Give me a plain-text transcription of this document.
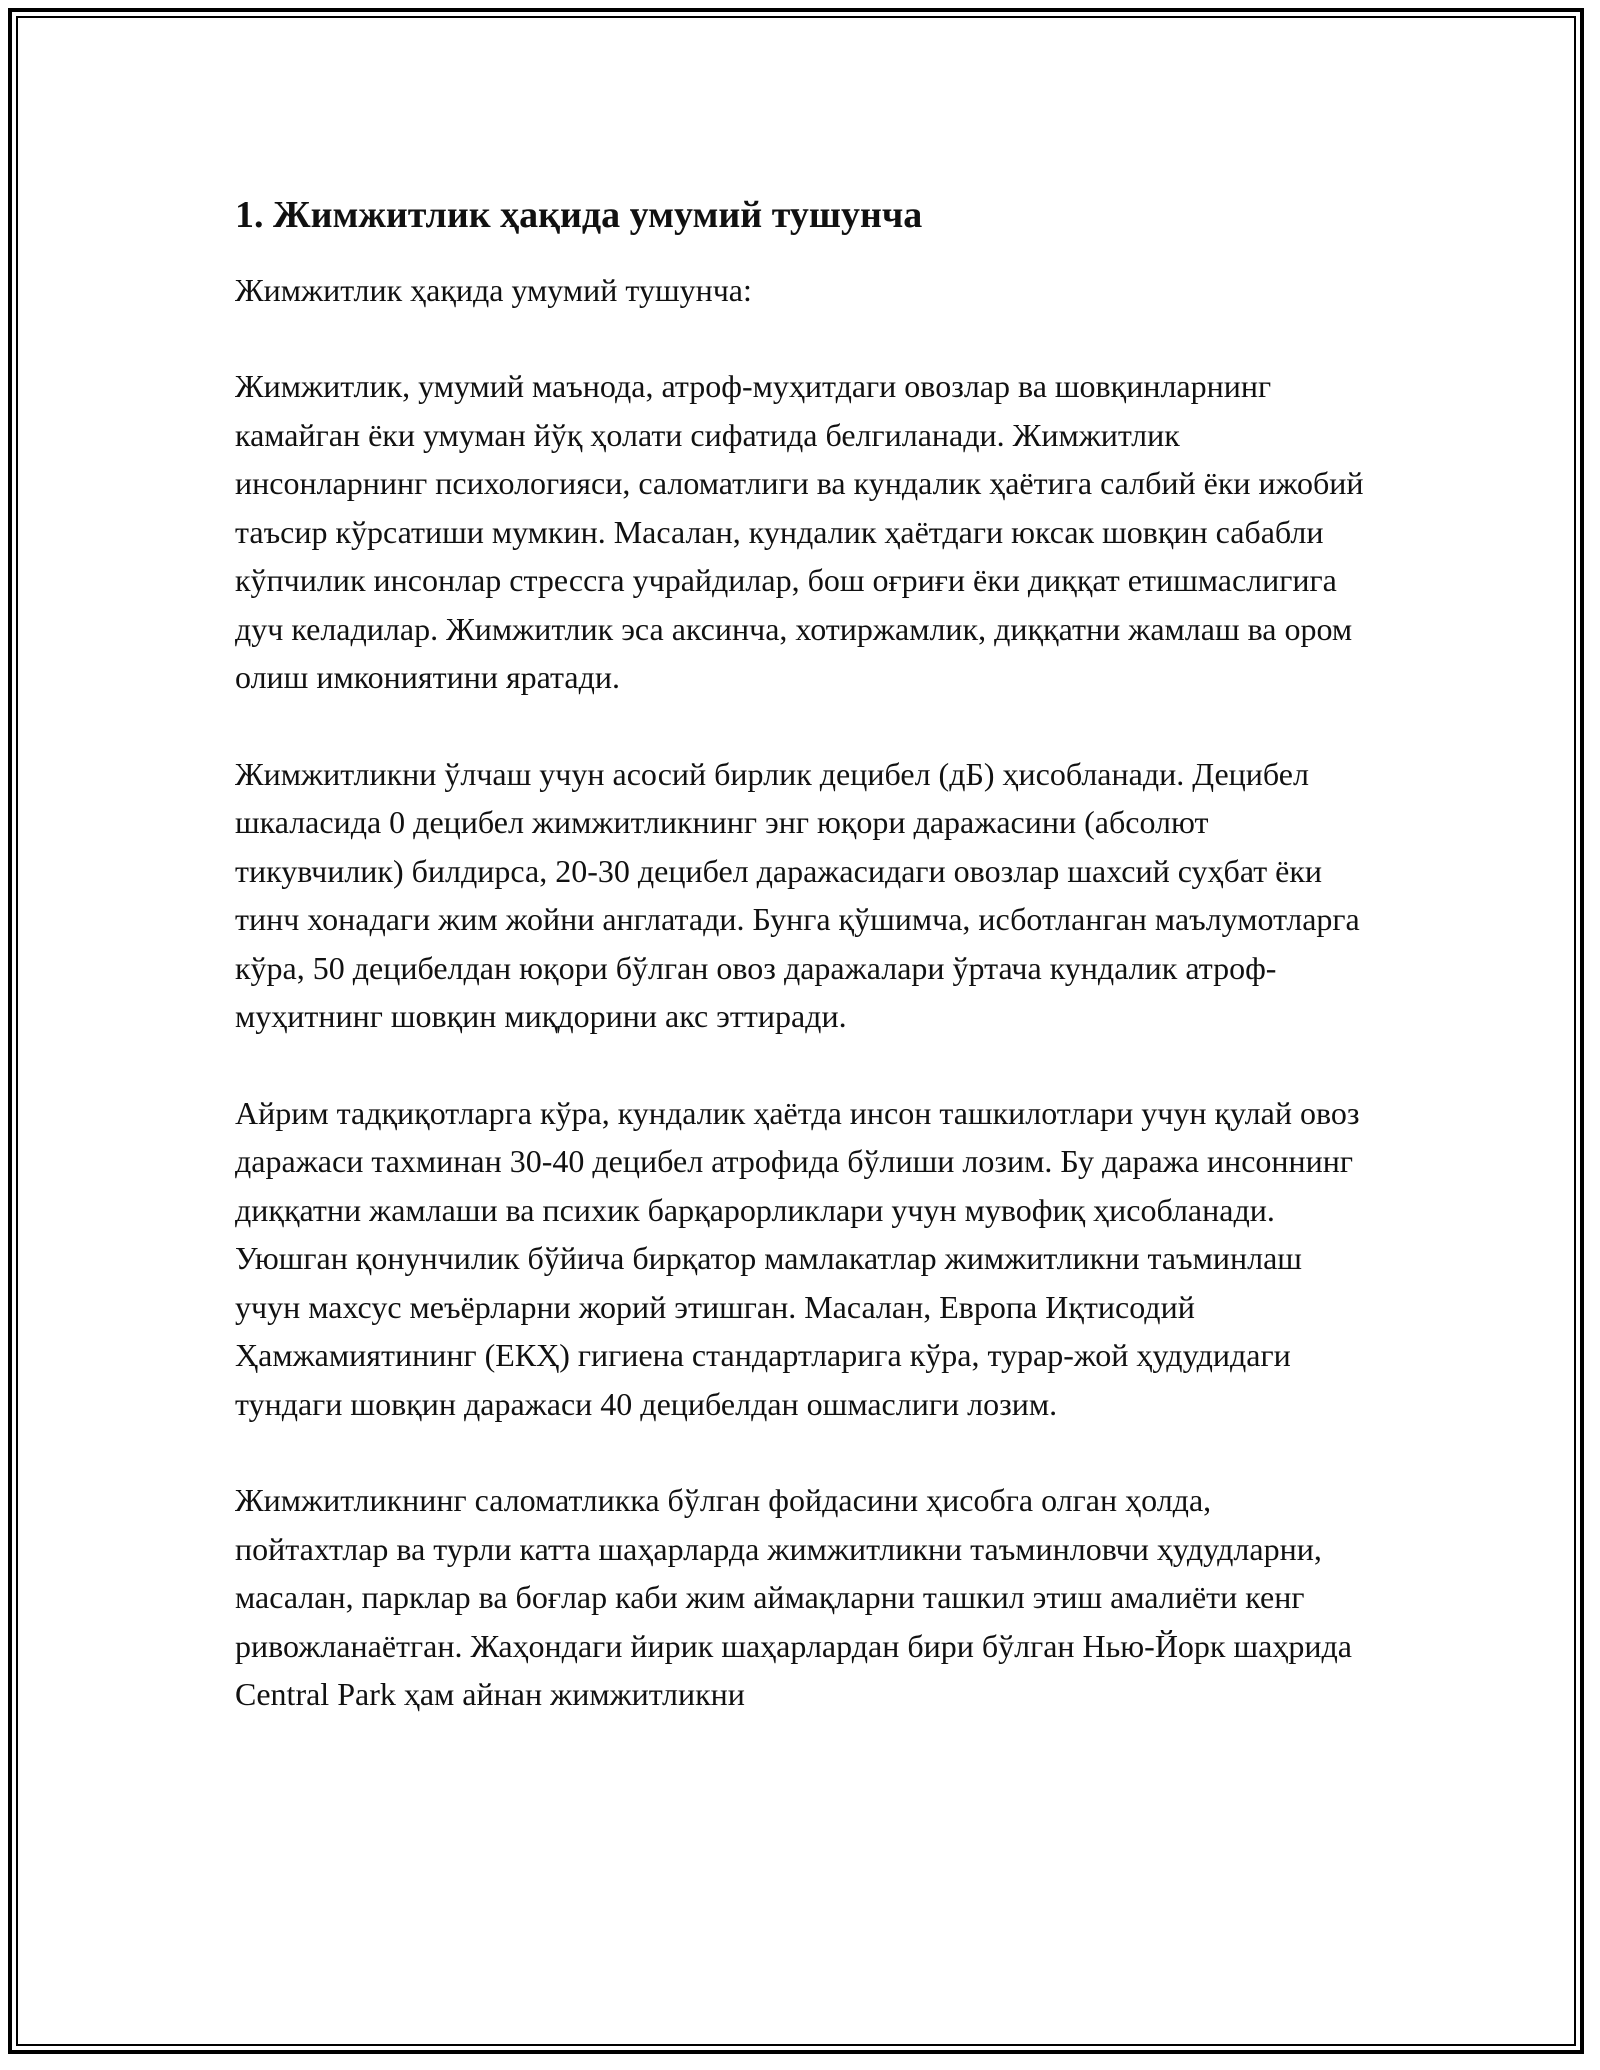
1. Жимжитлик ҳақида умумий тушунча

Жимжитлик ҳақида умумий тушунча:

Жимжитлик, умумий маънода, атроф-муҳитдаги овозлар ва шовқинларнинг камайган ёки умуман йўқ ҳолати сифатида белгиланади. Жимжитлик инсонларнинг психологияси, саломатлиги ва кундалик ҳаётига салбий ёки ижобий таъсир кўрсатиши мумкин. Масалан, кундалик ҳаётдаги юксак шовқин сабабли кўпчилик инсонлар стрессга учрайдилар, бош оғриғи ёки диққат етишмаслигига дуч келадилар. Жимжитлик эса аксинча, хотиржамлик, диққатни жамлаш ва ором олиш имкониятини яратади.

Жимжитликни ўлчаш учун асосий бирлик децибел (дБ) ҳисобланади. Децибел шкаласида 0 децибел жимжитликнинг энг юқори даражасини (абсолют тикувчилик) билдирса, 20-30 децибел даражасидаги овозлар шахсий суҳбат ёки тинч хонадаги жим жойни англатади. Бунга қўшимча, исботланган маълумотларга кўра, 50 децибелдан юқори бўлган овоз даражалари ўртача кундалик атроф-муҳитнинг шовқин миқдорини акс эттиради.

Айрим тадқиқотларга кўра, кундалик ҳаётда инсон ташкилотлари учун қулай овоз даражаси тахминан 30-40 децибел атрофида бўлиши лозим. Бу даража инсоннинг диққатни жамлаши ва психик барқарорликлари учун мувофиқ ҳисобланади. Уюшган қонунчилик бўйича бирқатор мамлакатлар жимжитликни таъминлаш учун махсус меъёрларни жорий этишган. Масалан, Европа Иқтисодий Ҳамжамиятининг (ЕКҲ) гигиена стандартларига кўра, турар-жой ҳудудидаги тундаги шовқин даражаси 40 децибелдан ошмаслиги лозим.

Жимжитликнинг саломатликка бўлган фойдасини ҳисобга олган ҳолда, пойтахтлар ва турли катта шаҳарларда жимжитликни таъминловчи ҳудудларни, масалан, парклар ва боғлар каби жим аймақларни ташкил этиш амалиёти кенг ривожланаётган. Жаҳондаги йирик шаҳарлардан бири бўлган Нью-Йорк шаҳрида Central Park ҳам айнан жимжитликни
